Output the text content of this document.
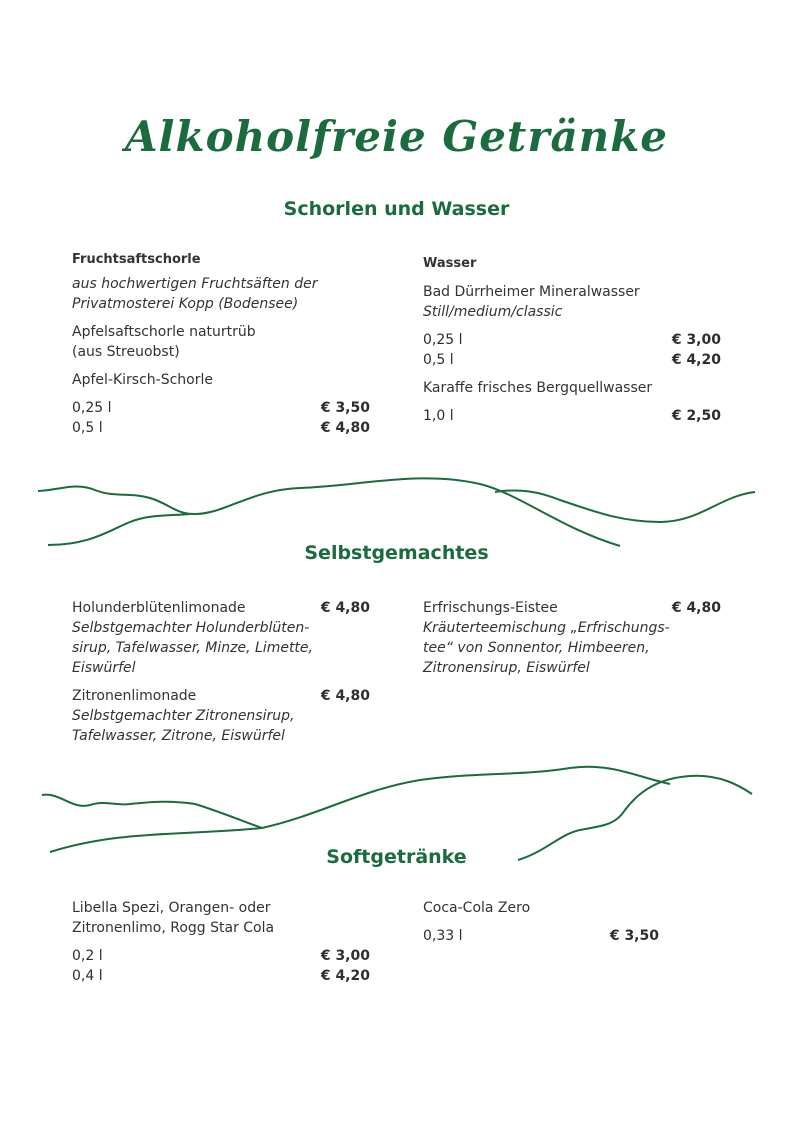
Alkoholfreie Getränke
Schorlen und Wasser
Fruchtsaftschorle
aus hochwertigen Fruchtsäften der
Privatmosterei Kopp (Bodensee)
Apfelsaftschorle naturtrüb
(aus Streuobst)
Apfel-Kirsch-Schorle
0,25 l	€ 3,50
0,5 l	€ 4,80
Wasser
Bad Dürrheimer Mineralwasser
Still/medium/classic
0,25 l	€ 3,00
0,5 l	€ 4,20
Karaffe frisches Bergquellwasser
1,0 l	€ 2,50
Selbstgemachtes
Holunderblütenlimonade	€ 4,80
Selbstgemachter Holunderblüten-
sirup, Tafelwasser, Minze, Limette,
Eiswürfel
Zitronenlimonade	€ 4,80
Selbstgemachter Zitronensirup,
Tafelwasser, Zitrone, Eiswürfel
Erfrischungs-Eistee	€ 4,80
Kräuterteemischung „Erfrischungs-
tee“ von Sonnentor, Himbeeren,
Zitronensirup, Eiswürfel
Softgetränke
Libella Spezi, Orangen- oder
Zitronenlimo, Rogg Star Cola
0,2 l	€ 3,00
0,4 l	€ 4,20
Coca-Cola Zero
0,33 l	€ 3,50
